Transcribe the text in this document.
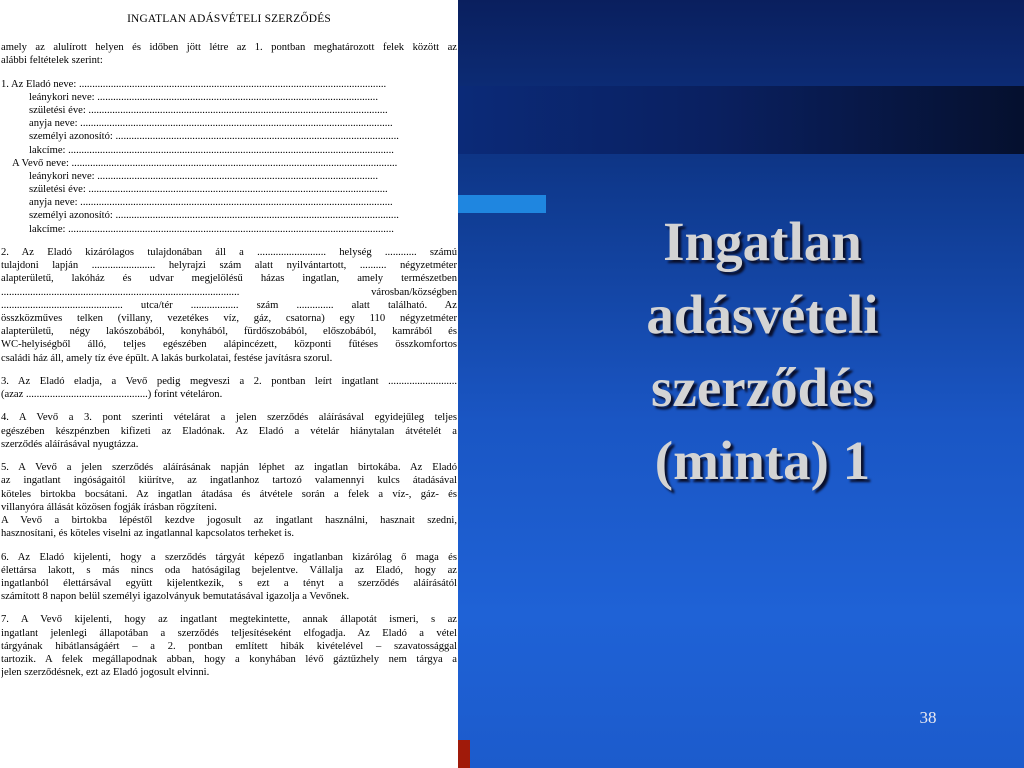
INGATLAN ADÁSVÉTELI SZERZŐDÉS
amely az alulírott helyen és időben jött létre az 1. pontban meghatározott felek között az
alábbi feltételek szerint:
1. Az Eladó neve: ....................................................................................................................
leánykori neve: ..........................................................................................................
születési éve: .................................................................................................................
anyja neve: ......................................................................................................................
személyi azonosító: ...........................................................................................................
lakcíme: ...........................................................................................................................
A Vevő neve: ...........................................................................................................................
leánykori neve: ..........................................................................................................
születési éve: .................................................................................................................
anyja neve: ......................................................................................................................
személyi azonosító: ...........................................................................................................
lakcíme: ...........................................................................................................................
2. Az Eladó kizárólagos tulajdonában áll a .......................... helység ............ számú
tulajdoni lapján ........................ helyrajzi szám alatt nyilvántartott, .......... négyzetméter
alapterületű, lakóház és udvar megjelölésű házas ingatlan, amely természetben
.......................................................................................... városban/községben
.............................................. utca/tér .................. szám .............. alatt található. Az
összközműves telken (villany, vezetékes víz, gáz, csatorna) egy 110 négyzetméter
alapterületű, négy lakószobából, konyhából, fürdőszobából, előszobából, kamrából és
WC-helyiségből álló, teljes egészében alápincézett, központi fűtéses összkomfortos
családi ház áll, amely tíz éve épült. A lakás burkolatai, festése javításra szorul.
3. Az Eladó eladja, a Vevő pedig megveszi a 2. pontban leírt ingatlant ..........................
(azaz ..............................................) forint vételáron.
4. A Vevő a 3. pont szerinti vételárat a jelen szerződés aláírásával egyidejűleg teljes
egészében készpénzben kifizeti az Eladónak. Az Eladó a vételár hiánytalan átvételét a
szerződés aláírásával nyugtázza.
5. A Vevő a jelen szerződés aláírásának napján léphet az ingatlan birtokába. Az Eladó
az ingatlant ingóságaitól kiürítve, az ingatlanhoz tartozó valamennyi kulcs átadásával
köteles birtokba bocsátani. Az ingatlan átadása és átvétele során a felek a víz-, gáz- és
villanyóra állását közösen fogják írásban rögzíteni.
A Vevő a birtokba lépéstől kezdve jogosult az ingatlant használni, hasznait szedni,
hasznosítani, és köteles viselni az ingatlannal kapcsolatos terheket is.
6. Az Eladó kijelenti, hogy a szerződés tárgyát képező ingatlanban kizárólag ő maga és
élettársa lakott, s más nincs oda hatóságilag bejelentve. Vállalja az Eladó, hogy az
ingatlanból élettársával együtt kijelentkezik, s ezt a tényt a szerződés aláírásától
számított 8 napon belül személyi igazolványuk bemutatásával igazolja a Vevőnek.
7. A Vevő kijelenti, hogy az ingatlant megtekintette, annak állapotát ismeri, s az
ingatlant jelenlegi állapotában a szerződés teljesítéseként elfogadja. Az Eladó a vétel
tárgyának hibátlanságáért – a 2. pontban említett hibák kivételével – szavatossággal
tartozik. A felek megállapodnak abban, hogy a konyhában lévő gáztűzhely nem tárgya a
jelen szerződésnek, ezt az Eladó jogosult elvinni.
Ingatlan
adásvételi
szerződés
(minta) 1
38
